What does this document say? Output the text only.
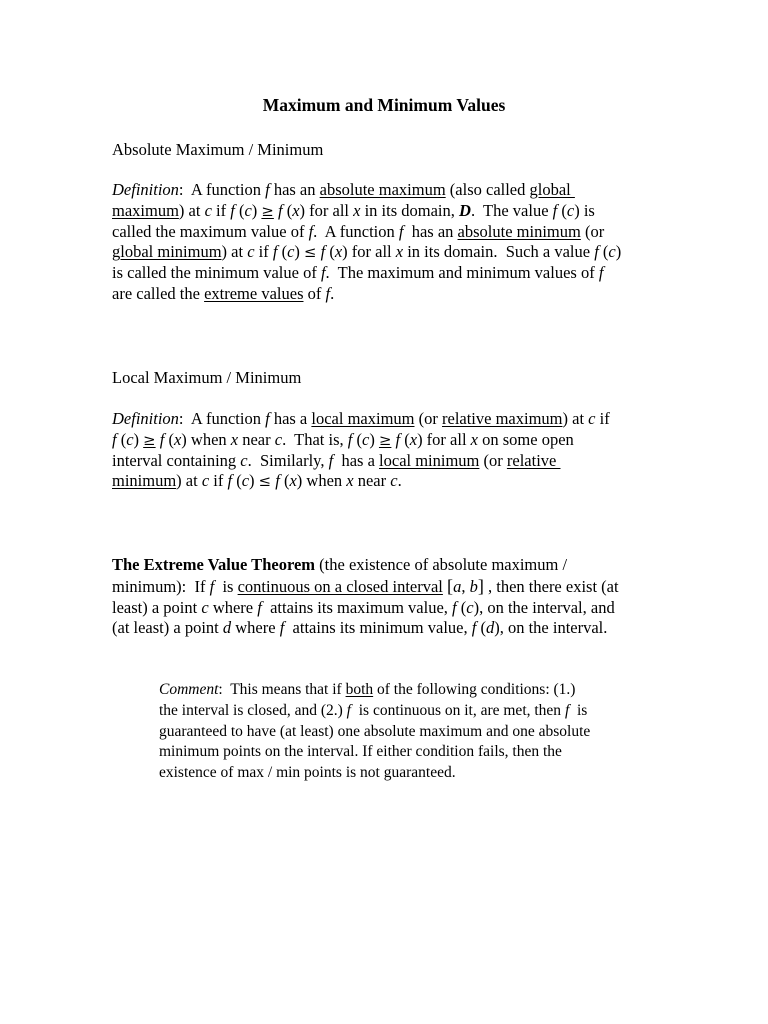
Maximum and Minimum Values
Absolute Maximum / Minimum
Definition:  A function f has an absolute maximum (also called global
maximum) at c if f (c) ≥ f (x) for all x in its domain, D.  The value f (c) is
called the maximum value of f.  A function f  has an absolute minimum (or
global minimum) at c if f (c) ≤ f (x) for all x in its domain.  Such a value f (c)
is called the minimum value of f.  The maximum and minimum values of f
are called the extreme values of f.
Local Maximum / Minimum
Definition:  A function f has a local maximum (or relative maximum) at c if
f (c) ≥ f (x) when x near c.  That is, f (c) ≥ f (x) for all x on some open
interval containing c.  Similarly, f  has a local minimum (or relative
minimum) at c if f (c) ≤ f (x) when x near c.
The Extreme Value Theorem (the existence of absolute maximum /
minimum):  If f  is continuous on a closed interval [a, b] , then there exist (at
least) a point c where f  attains its maximum value, f (c), on the interval, and
(at least) a point d where f  attains its minimum value, f (d), on the interval.
Comment:  This means that if both of the following conditions: (1.)
the interval is closed, and (2.) f  is continuous on it, are met, then f  is
guaranteed to have (at least) one absolute maximum and one absolute
minimum points on the interval. If either condition fails, then the
existence of max / min points is not guaranteed.
